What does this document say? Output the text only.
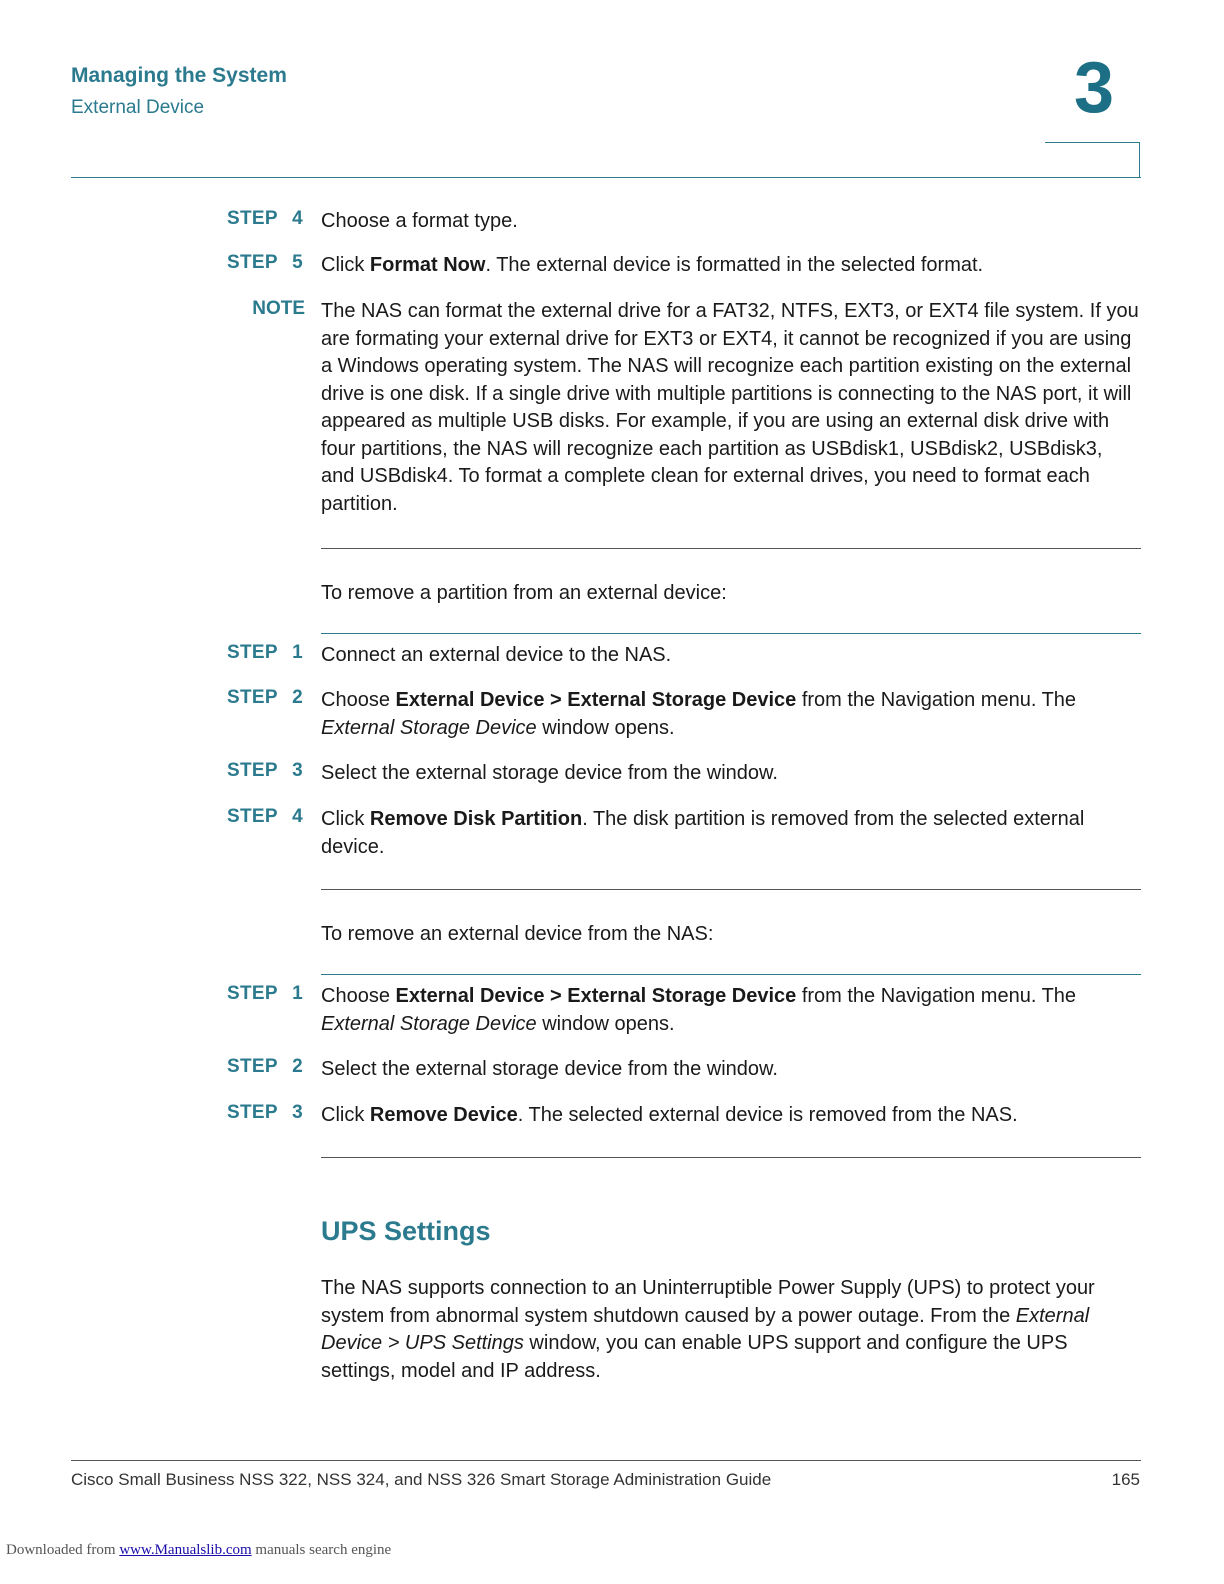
Managing the System
External Device	3
STEP 4 Choose a format type.
STEP 5 Click Format Now. The external device is formatted in the selected format.
NOTE The NAS can format the external drive for a FAT32, NTFS, EXT3, or EXT4 file system. If you are formating your external drive for EXT3 or EXT4, it cannot be recognized if you are using a Windows operating system. The NAS will recognize each partition existing on the external drive is one disk. If a single drive with multiple partitions is connecting to the NAS port, it will appeared as multiple USB disks. For example, if you are using an external disk drive with four partitions, the NAS will recognize each partition as USBdisk1, USBdisk2, USBdisk3, and USBdisk4. To format a complete clean for external drives, you need to format each partition.
To remove a partition from an external device:
STEP 1 Connect an external device to the NAS.
STEP 2 Choose External Device > External Storage Device from the Navigation menu. The External Storage Device window opens.
STEP 3 Select the external storage device from the window.
STEP 4 Click Remove Disk Partition. The disk partition is removed from the selected external device.
To remove an external device from the NAS:
STEP 1 Choose External Device > External Storage Device from the Navigation menu. The External Storage Device window opens.
STEP 2 Select the external storage device from the window.
STEP 3 Click Remove Device. The selected external device is removed from the NAS.
UPS Settings
The NAS supports connection to an Uninterruptible Power Supply (UPS) to protect your system from abnormal system shutdown caused by a power outage. From the External Device > UPS Settings window, you can enable UPS support and configure the UPS settings, model and IP address.
Cisco Small Business NSS 322, NSS 324, and NSS 326 Smart Storage Administration Guide	165
Downloaded from www.Manualslib.com manuals search engine
